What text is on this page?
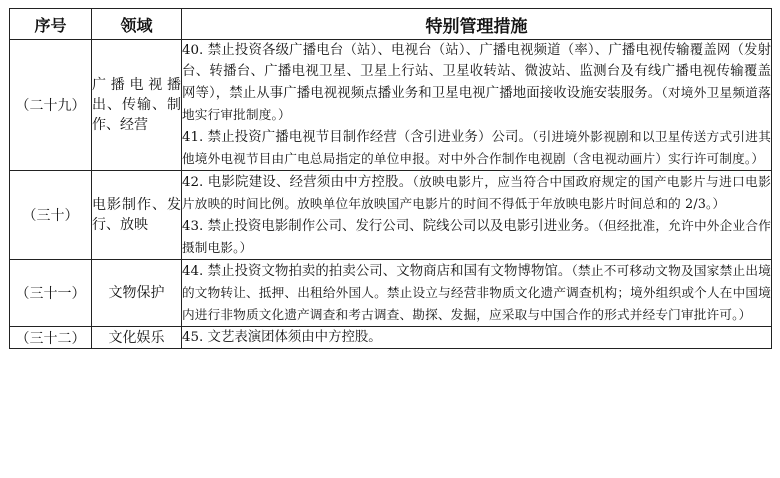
序号	领域	特别管理措施
（二十九）	广播电视播出、传输、制作、经营	40. 禁止投资各级广播电台（站）、电视台（站）、广播电视频道（率）、广播电视传输覆盖网（发射台、转播台、广播电视卫星、卫星上行站、卫星收转站、微波站、监测台及有线广播电视传输覆盖网等），禁止从事广播电视视频点播业务和卫星电视广播地面接收设施安装服务。（对境外卫星频道落地实行审批制度。）
41. 禁止投资广播电视节目制作经营（含引进业务）公司。（引进境外影视剧和以卫星传送方式引进其他境外电视节目由广电总局指定的单位申报。对中外合作制作电视剧（含电视动画片）实行许可制度。）

（三十）	电影制作、发行、放映	42. 电影院建设、经营须由中方控股。（放映电影片，应当符合中国政府规定的国产电影片与进口电影片放映的时间比例。放映单位年放映国产电影片的时间不得低于年放映电影片时间总和的 2/3。）
43. 禁止投资电影制作公司、发行公司、院线公司以及电影引进业务。（但经批准，允许中外企业合作摄制电影。）

（三十一）	文物保护	44. 禁止投资文物拍卖的拍卖公司、文物商店和国有文物博物馆。（禁止不可移动文物及国家禁止出境的文物转让、抵押、出租给外国人。禁止设立与经营非物质文化遗产调查机构；境外组织或个人在中国境内进行非物质文化遗产调查和考古调查、勘探、发掘，应采取与中国合作的形式并经专门审批许可。）

（三十二）	文化娱乐	45. 文艺表演团体须由中方控股。
